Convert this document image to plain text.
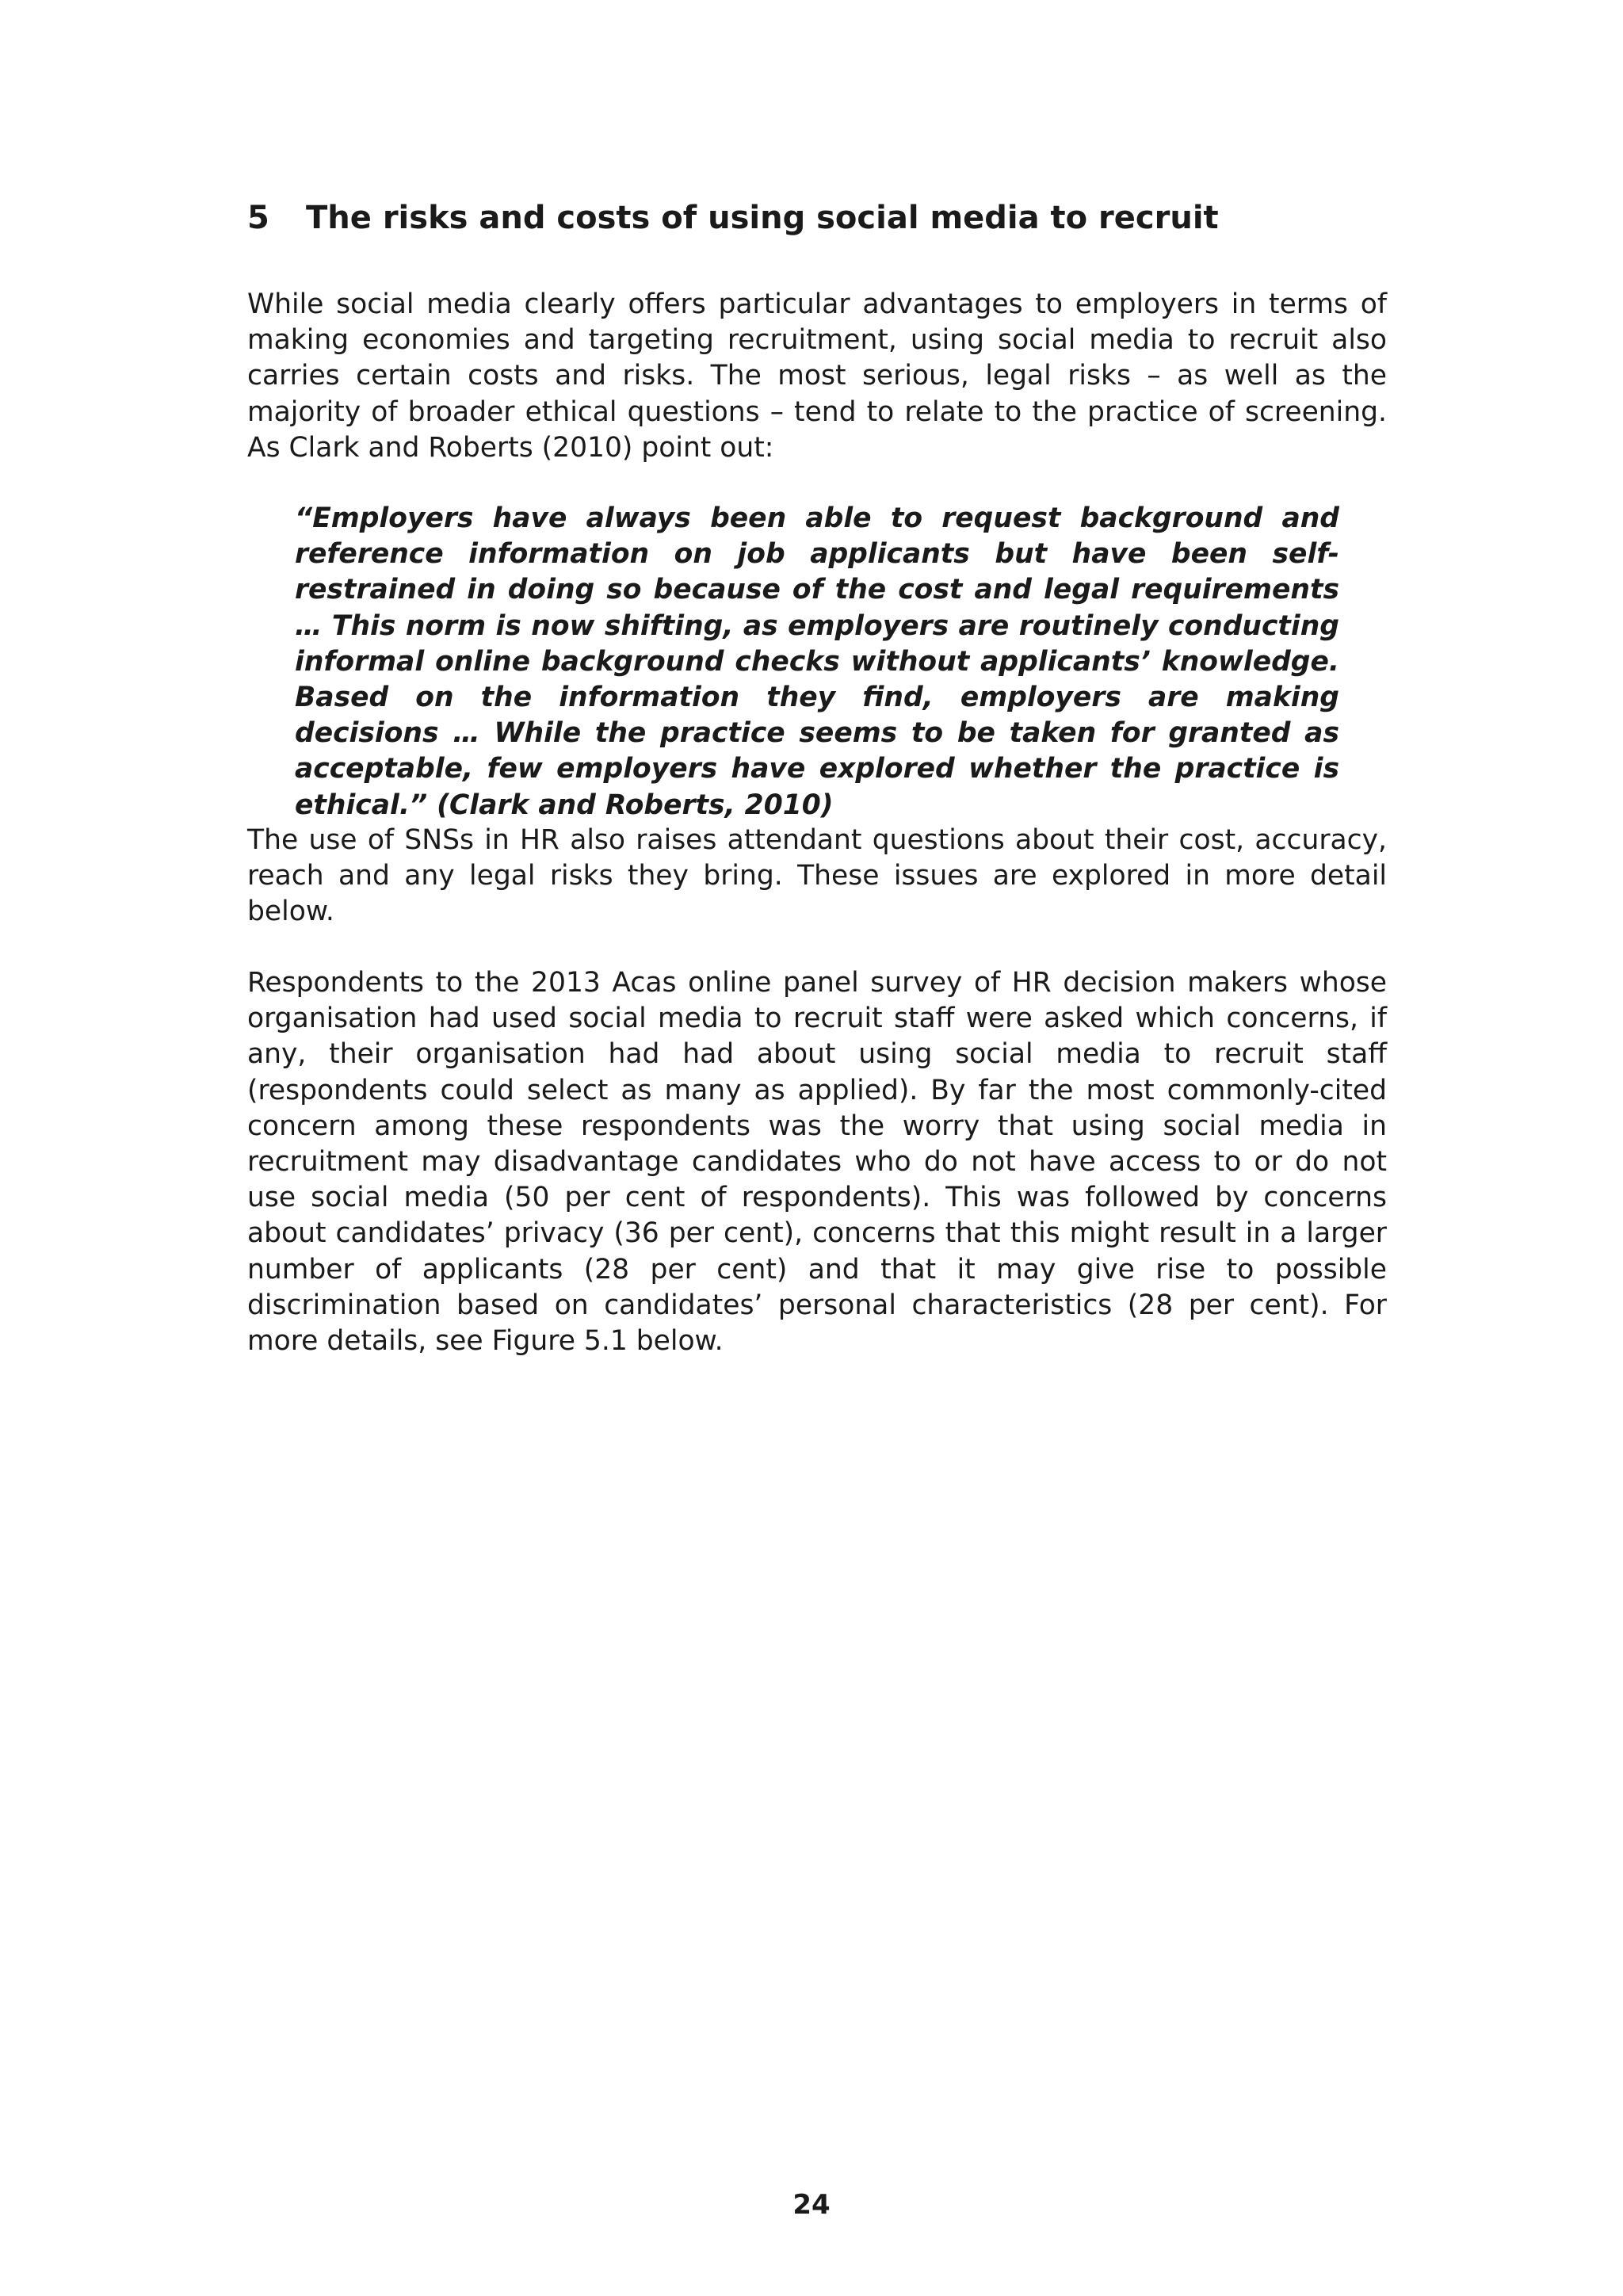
5 The risks and costs of using social media to recruit

While social media clearly offers particular advantages to employers in terms of making economies and targeting recruitment, using social media to recruit also carries certain costs and risks. The most serious, legal risks – as well as the majority of broader ethical questions – tend to relate to the practice of screening. As Clark and Roberts (2010) point out:

“Employers have always been able to request background and reference information on job applicants but have been self-restrained in doing so because of the cost and legal requirements … This norm is now shifting, as employers are routinely conducting informal online background checks without applicants’ knowledge. Based on the information they find, employers are making decisions … While the practice seems to be taken for granted as acceptable, few employers have explored whether the practice is ethical.” (Clark and Roberts, 2010)

The use of SNSs in HR also raises attendant questions about their cost, accuracy, reach and any legal risks they bring. These issues are explored in more detail below.

Respondents to the 2013 Acas online panel survey of HR decision makers whose organisation had used social media to recruit staff were asked which concerns, if any, their organisation had had about using social media to recruit staff (respondents could select as many as applied). By far the most commonly-cited concern among these respondents was the worry that using social media in recruitment may disadvantage candidates who do not have access to or do not use social media (50 per cent of respondents). This was followed by concerns about candidates’ privacy (36 per cent), concerns that this might result in a larger number of applicants (28 per cent) and that it may give rise to possible discrimination based on candidates’ personal characteristics (28 per cent). For more details, see Figure 5.1 below.

24
